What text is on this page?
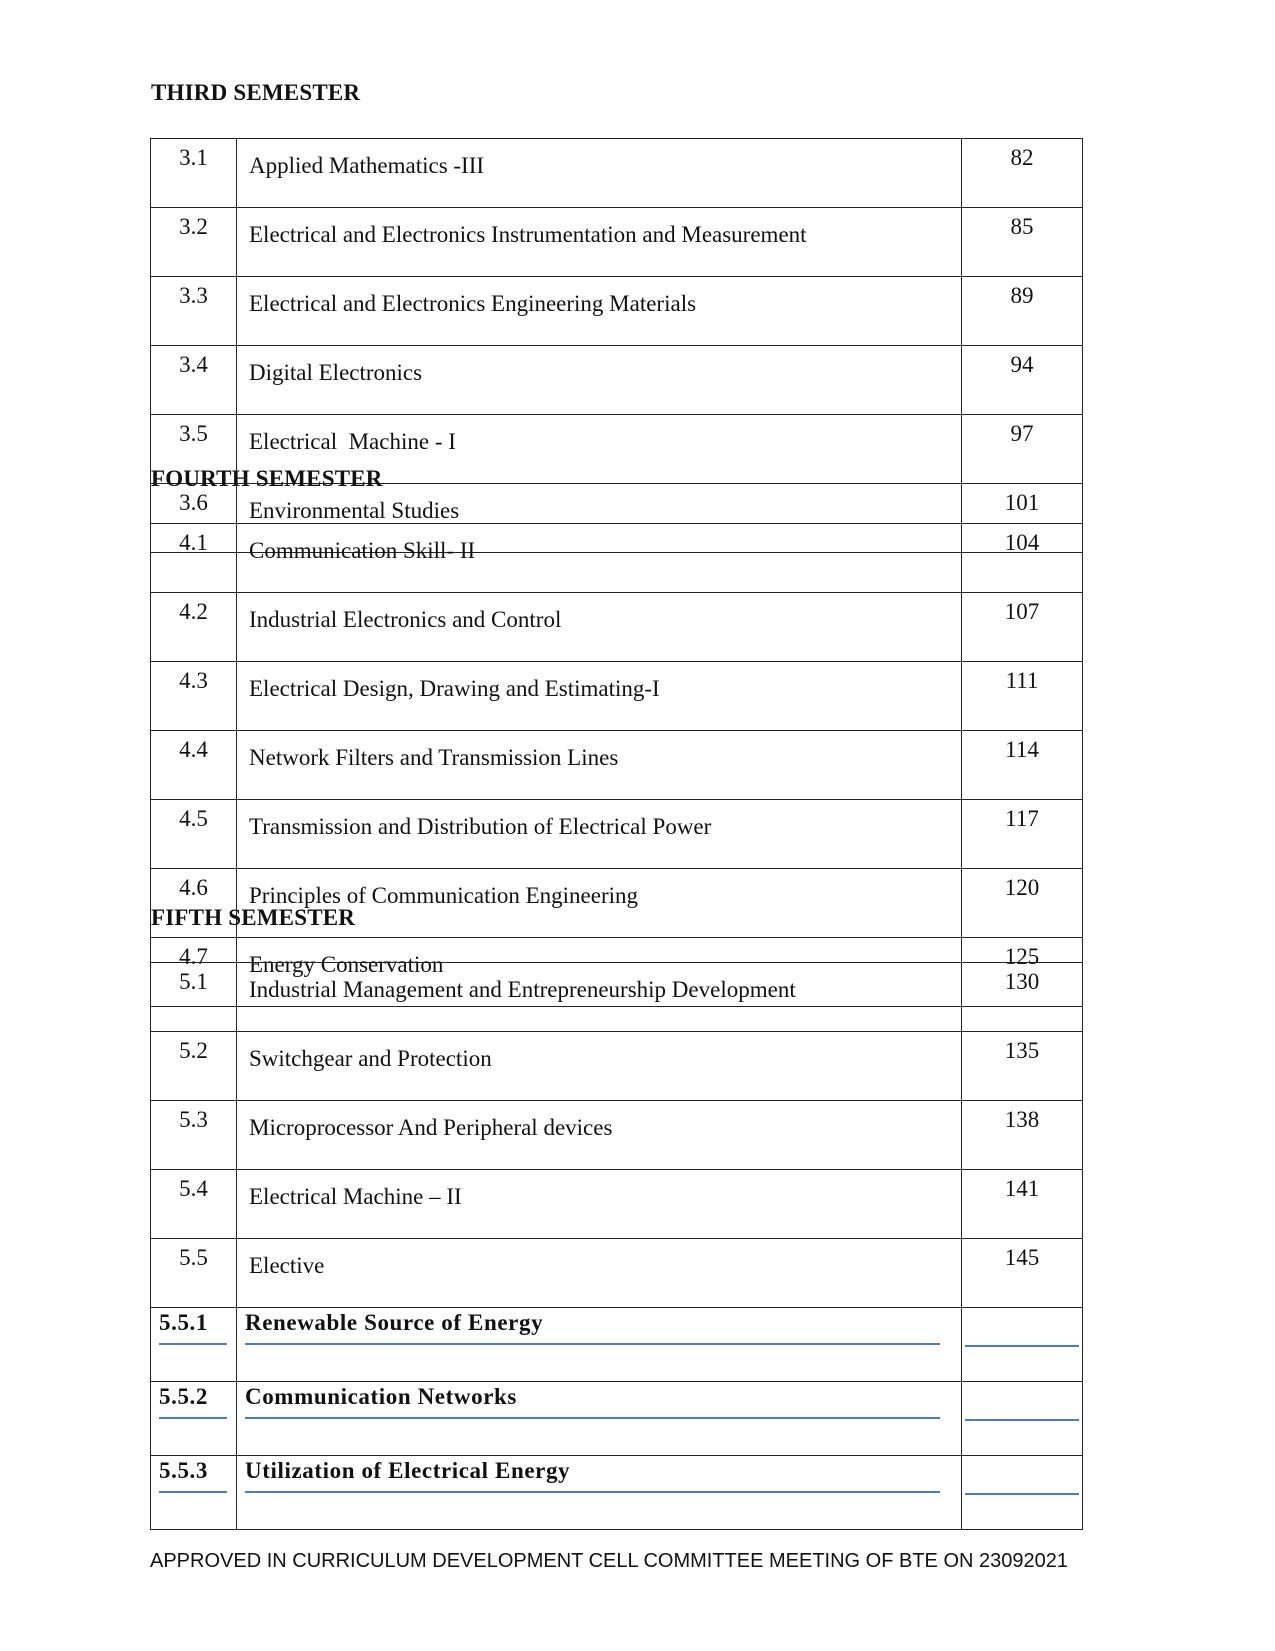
THIRD SEMESTER
3.1	Applied Mathematics -III	82
3.2	Electrical and Electronics Instrumentation and Measurement	85
3.3	Electrical and Electronics Engineering Materials	89
3.4	Digital Electronics	94
3.5	Electrical  Machine - I	97
3.6	Environmental Studies	101
FOURTH SEMESTER
4.1	Communication Skill- II	104
4.2	Industrial Electronics and Control	107
4.3	Electrical Design, Drawing and Estimating-I	111
4.4	Network Filters and Transmission Lines	114
4.5	Transmission and Distribution of Electrical Power	117
4.6	Principles of Communication Engineering	120
4.7	Energy Conservation	125
FIFTH SEMESTER
5.1	Industrial Management and Entrepreneurship Development	130
5.2	Switchgear and Protection	135
5.3	Microprocessor And Peripheral devices	138
5.4	Electrical Machine – II	141
5.5	Elective	145

5.5.1	Renewable Source of Energy	

5.5.2	Communication Networks	

5.5.3	Utilization of Electrical Energy	

APPROVED IN CURRICULUM DEVELOPMENT CELL COMMITTEE MEETING OF BTE ON 23092021
